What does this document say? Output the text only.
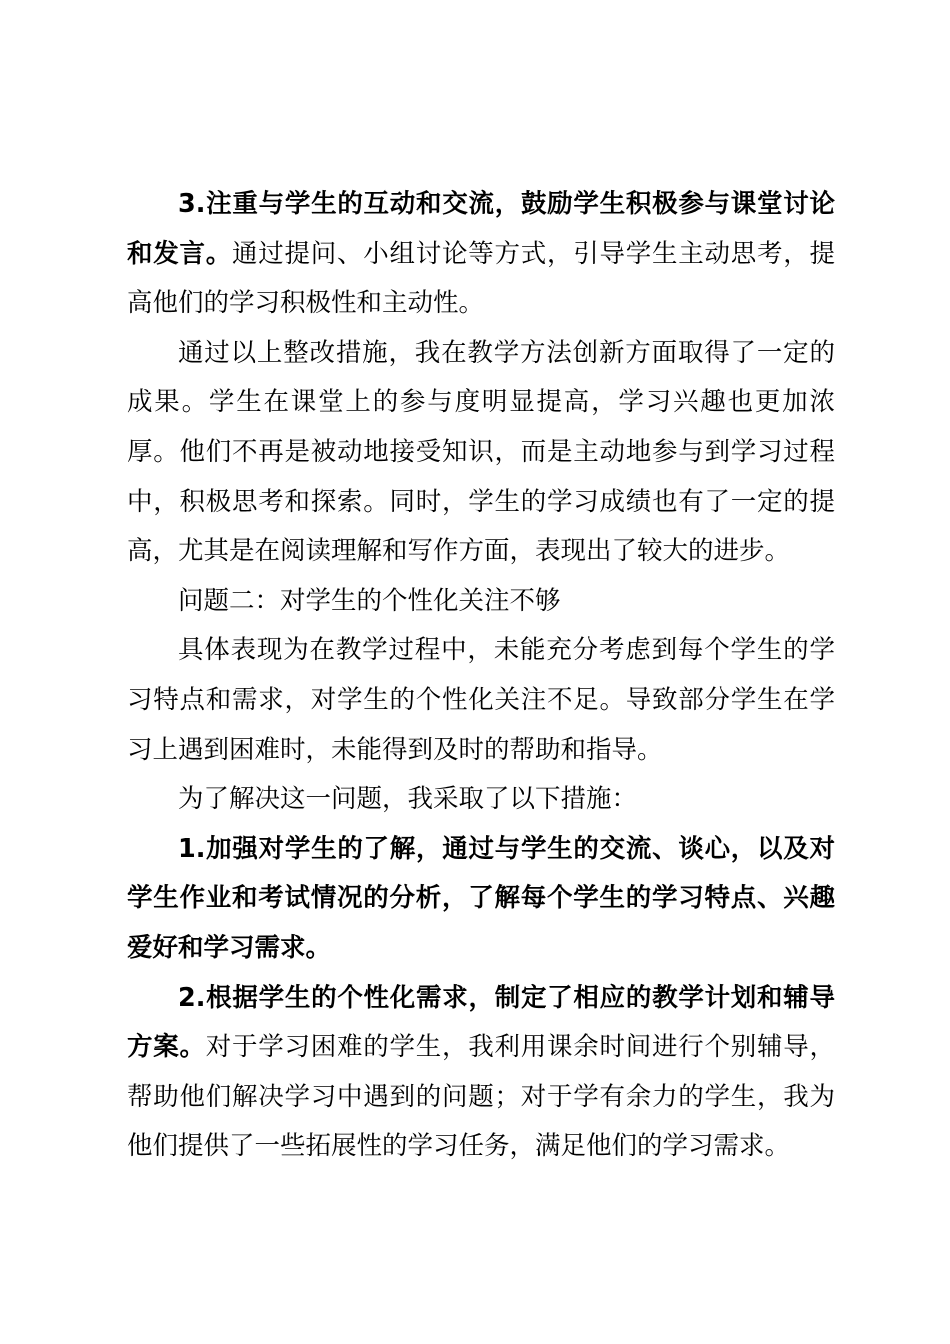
3.注重与学生的互动和交流，鼓励学生积极参与课堂讨论和发言。通过提问、小组讨论等方式，引导学生主动思考，提高他们的学习积极性和主动性。

通过以上整改措施，我在教学方法创新方面取得了一定的成果。学生在课堂上的参与度明显提高，学习兴趣也更加浓厚。他们不再是被动地接受知识，而是主动地参与到学习过程中，积极思考和探索。同时，学生的学习成绩也有了一定的提高，尤其是在阅读理解和写作方面，表现出了较大的进步。

问题二：对学生的个性化关注不够

具体表现为在教学过程中，未能充分考虑到每个学生的学习特点和需求，对学生的个性化关注不足。导致部分学生在学习上遇到困难时，未能得到及时的帮助和指导。

为了解决这一问题，我采取了以下措施：

1.加强对学生的了解，通过与学生的交流、谈心，以及对学生作业和考试情况的分析，了解每个学生的学习特点、兴趣爱好和学习需求。

2.根据学生的个性化需求，制定了相应的教学计划和辅导方案。对于学习困难的学生，我利用课余时间进行个别辅导，帮助他们解决学习中遇到的问题；对于学有余力的学生，我为他们提供了一些拓展性的学习任务，满足他们的学习需求。
